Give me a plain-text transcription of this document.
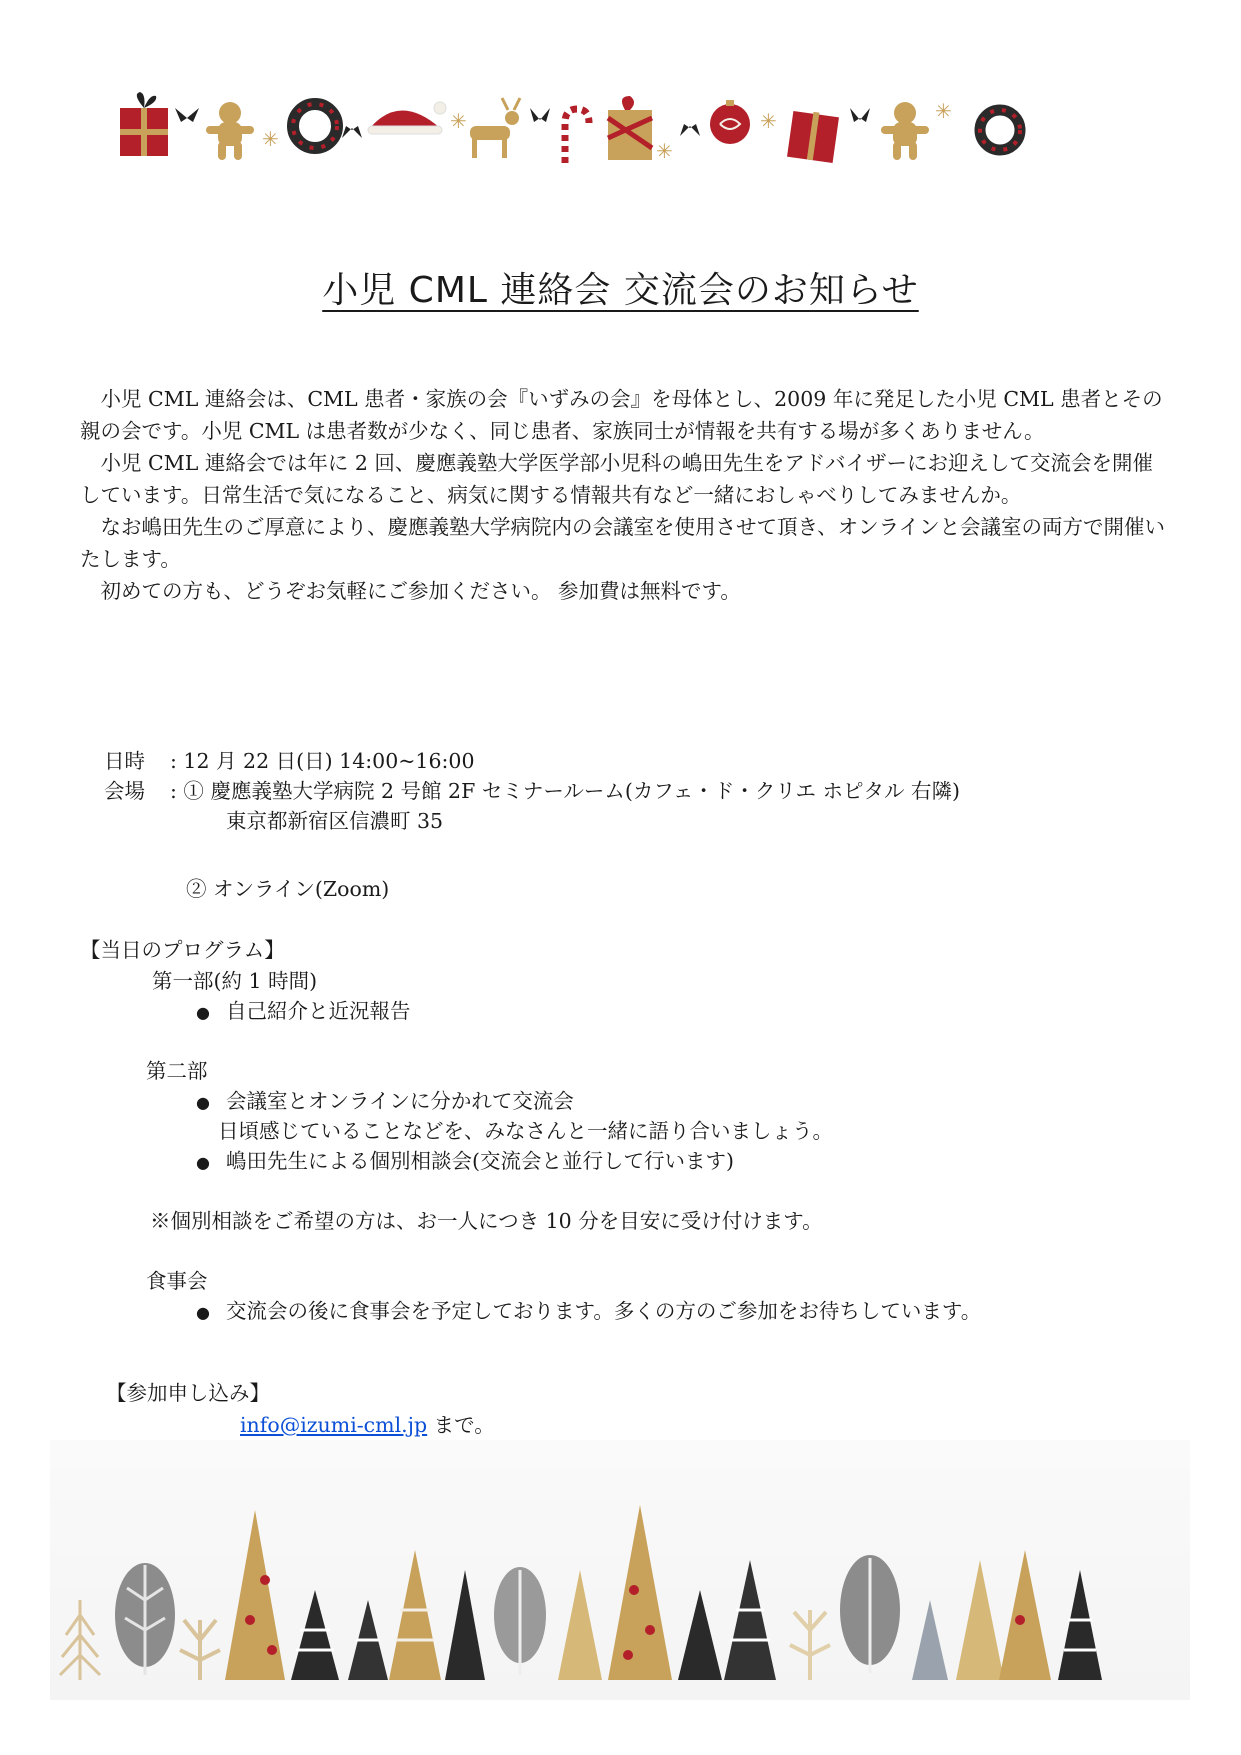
✳
✳
✳
✳	✳
小児 CML 連絡会 交流会のお知らせ

小児 CML 連絡会は、CML 患者・家族の会『いずみの会』を母体とし、2009 年に発足した小児 CML 患者とその親の会です。小児 CML は患者数が少なく、同じ患者、家族同士が情報を共有する場が多くありません。

小児 CML 連絡会では年に 2 回、慶應義塾大学医学部小児科の嶋田先生をアドバイザーにお迎えして交流会を開催しています。日常生活で気になること、病気に関する情報共有など一緒におしゃべりしてみませんか。

なお嶋田先生のご厚意により、慶應義塾大学病院内の会議室を使用させて頂き、オンラインと会議室の両方で開催いたします。

初めての方も、どうぞお気軽にご参加ください。 参加費は無料です。

日時 : 12 月 22 日(日) 14:00~16:00
会場 : ① 慶應義塾大学病院 2 号館 2F セミナールーム(カフェ・ド・クリエ ホピタル 右隣)
東京都新宿区信濃町 35
② オンライン(Zoom)
【当日のプログラム】
第一部(約 1 時間)
● 自己紹介と近況報告
第二部
● 会議室とオンラインに分かれて交流会
日頃感じていることなどを、みなさんと一緒に語り合いましょう。
● 嶋田先生による個別相談会(交流会と並行して行います)
※個別相談をご希望の方は、お一人につき 10 分を目安に受け付けます。
食事会
● 交流会の後に食事会を予定しております。多くの方のご参加をお待ちしています。
【参加申し込み】
info@izumi-cml.jp まで。
